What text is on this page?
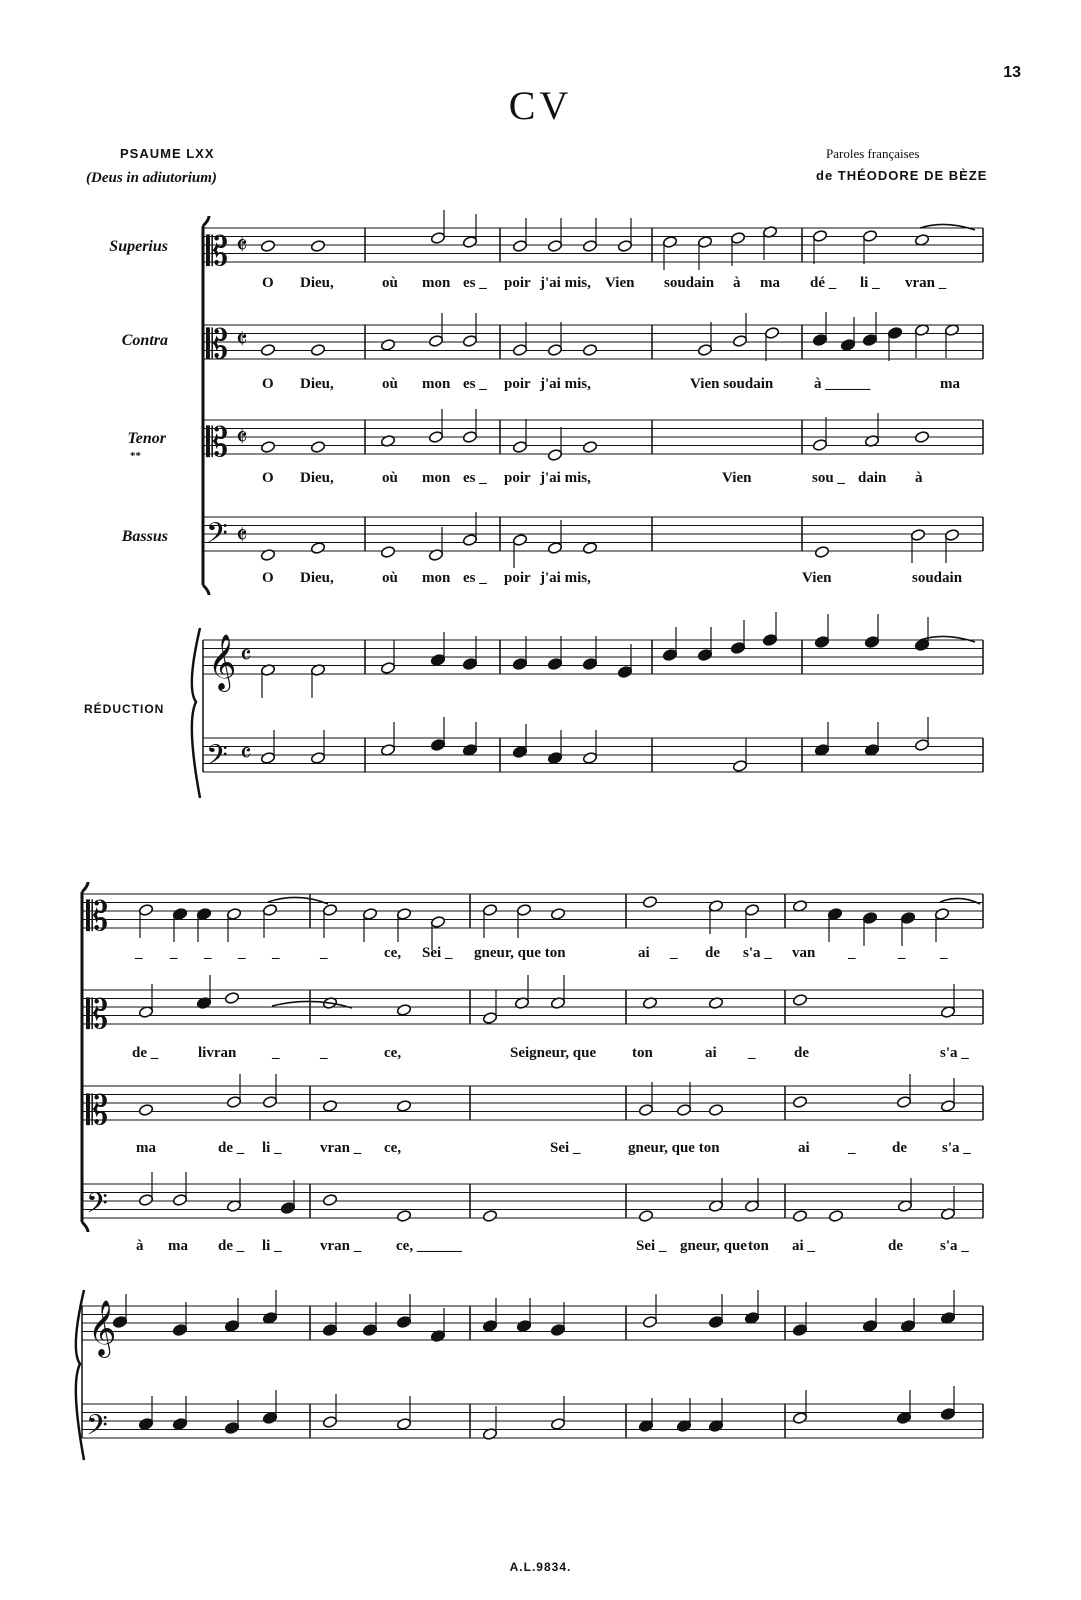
13
CV
PSAUME LXX
(Deus in adiutorium)
Paroles françaises
de THÉODORE DE BÈZE
Superius
Contra
Tenor
**
Bassus
RÉDUCTION
O Dieu,	où mon es _ poir j'ai mis, Vien soudain à ma dé _ li _ vran _
O Dieu,	où mon es _ poir j'ai mis,	Vien soudain	à ______	ma
O Dieu,	où mon es _ poir j'ai mis,	Vien	sou _ dain à
O Dieu,	où mon es _ poir j'ai mis,	Vien	soudain
_ _ _ _ _	_	ce, Sei _ gneur, que ton	ai _ de s'a _ van _	_ _
de _	livran _	_	ce,	Seigneur, que ton	ai _	de	s'a _
ma	de _ li _	vran _ ce,	Sei _	gneur, que ton	ai	_ de s'a _
à ma de _ li _	vran _ ce, ______	Sei _ gneur, que ton ai _	de s'a _
𝄡
𝄡
𝄡
𝄢
𝄞
𝄢
𝄵
𝄵
𝄵
𝄵
𝄴
𝄴
𝄡
𝄡
𝄡
𝄢
𝄞
𝄢
A.L.9834.
